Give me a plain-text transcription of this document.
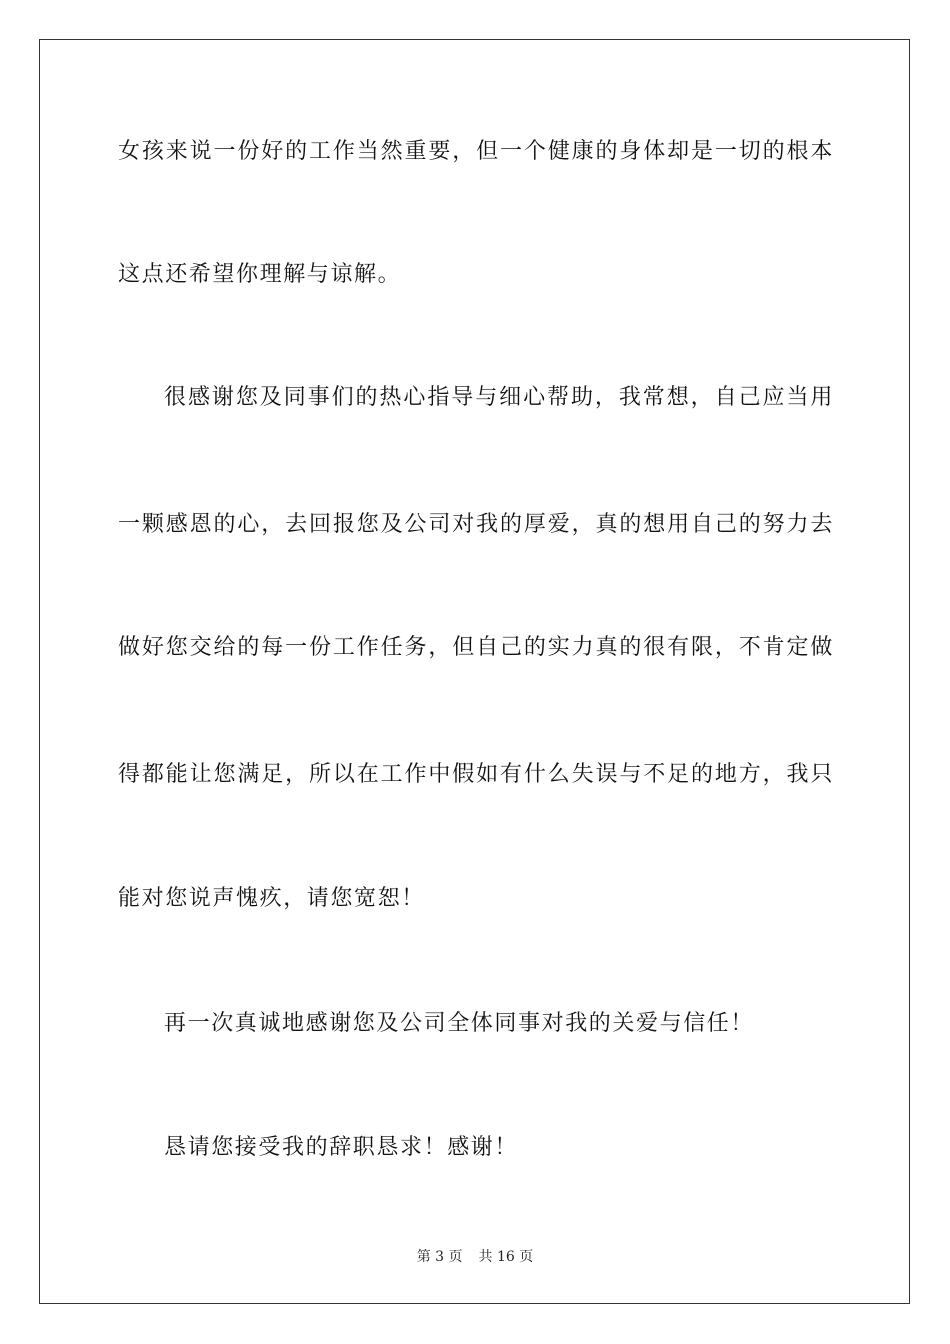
女孩来说一份好的工作当然重要，但一个健康的身体却是一切的根本
这点还希望你理解与谅解。
很感谢您及同事们的热心指导与细心帮助，我常想，自己应当用
一颗感恩的心，去回报您及公司对我的厚爱，真的想用自己的努力去
做好您交给的每一份工作任务，但自己的实力真的很有限，不肯定做
得都能让您满足，所以在工作中假如有什么失误与不足的地方，我只
能对您说声愧疚，请您宽恕！
再一次真诚地感谢您及公司全体同事对我的关爱与信任！
恳请您接受我的辞职恳求！感谢！
第 3 页 共 16 页
